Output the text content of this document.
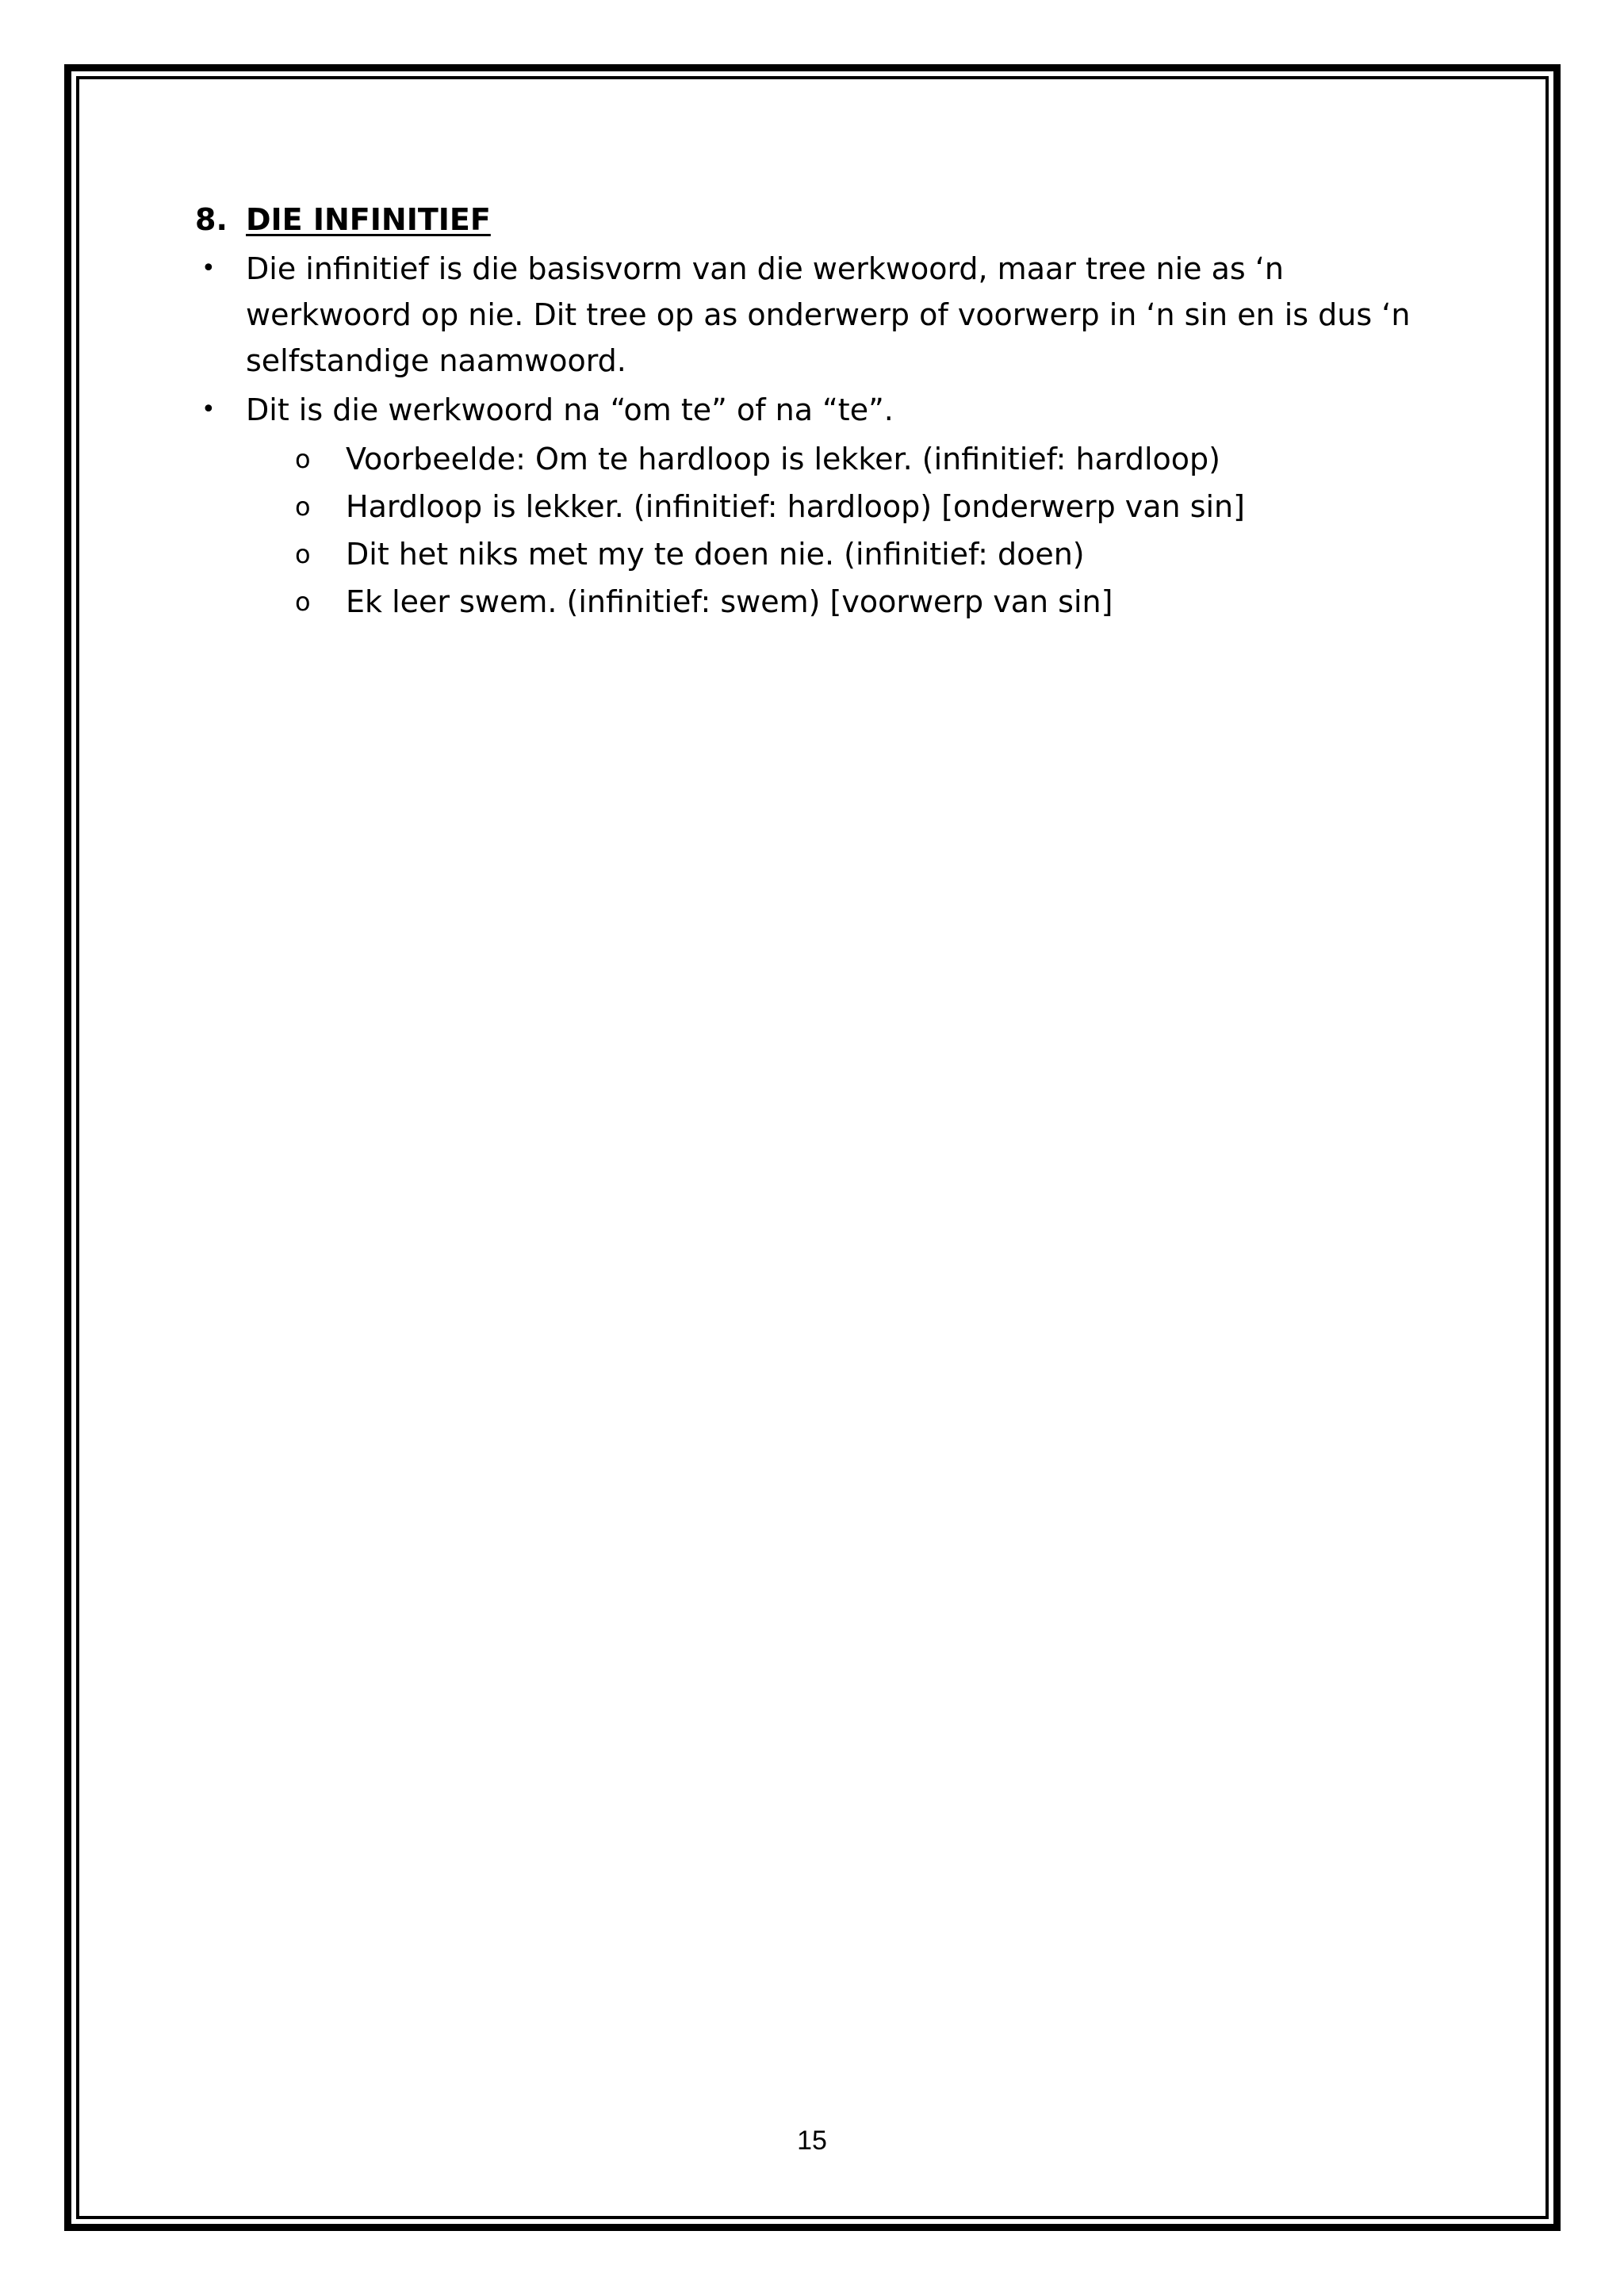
8. DIE INFINITIEF
•	Die infinitief is die basisvorm van die werkwoord, maar tree nie as ‘n werkwoord op nie. Dit tree op as onderwerp of voorwerp in ‘n sin en is dus ‘n selfstandige naamwoord.
•	Dit is die werkwoord na “om te” of na “te”.
o	Voorbeelde: Om te hardloop is lekker. (infinitief: hardloop)
o	Hardloop is lekker. (infinitief: hardloop) [onderwerp van sin]
o	Dit het niks met my te doen nie. (infinitief: doen)
o	Ek leer swem. (infinitief: swem) [voorwerp van sin]
15
